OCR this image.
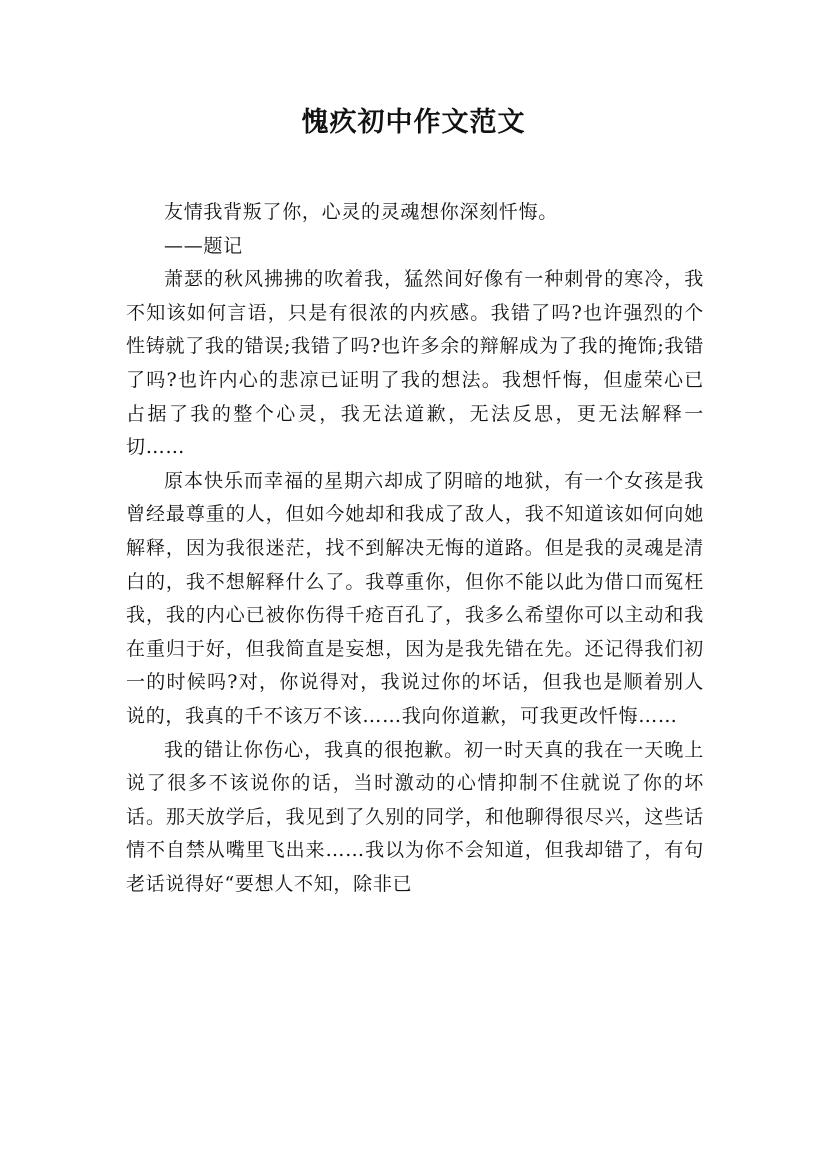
愧疚初中作文范文

友情我背叛了你，心灵的灵魂想你深刻忏悔。

——题记

萧瑟的秋风拂拂的吹着我，猛然间好像有一种刺骨的寒冷，我不知该如何言语，只是有很浓的内疚感。我错了吗?也许强烈的个性铸就了我的错误;我错了吗?也许多余的辩解成为了我的掩饰;我错了吗?也许内心的悲凉已证明了我的想法。我想忏悔，但虚荣心已占据了我的整个心灵，我无法道歉，无法反思，更无法解释一切……

原本快乐而幸福的星期六却成了阴暗的地狱，有一个女孩是我曾经最尊重的人，但如今她却和我成了敌人，我不知道该如何向她解释，因为我很迷茫，找不到解决无悔的道路。但是我的灵魂是清白的，我不想解释什么了。我尊重你，但你不能以此为借口而冤枉我，我的内心已被你伤得千疮百孔了，我多么希望你可以主动和我在重归于好，但我简直是妄想，因为是我先错在先。还记得我们初一的时候吗?对，你说得对，我说过你的坏话，但我也是顺着别人说的，我真的千不该万不该……我向你道歉，可我更改忏悔……

我的错让你伤心，我真的很抱歉。初一时天真的我在一天晚上说了很多不该说你的话，当时激动的心情抑制不住就说了你的坏话。那天放学后，我见到了久别的同学，和他聊得很尽兴，这些话情不自禁从嘴里飞出来……我以为你不会知道，但我却错了，有句老话说得好“要想人不知，除非已
